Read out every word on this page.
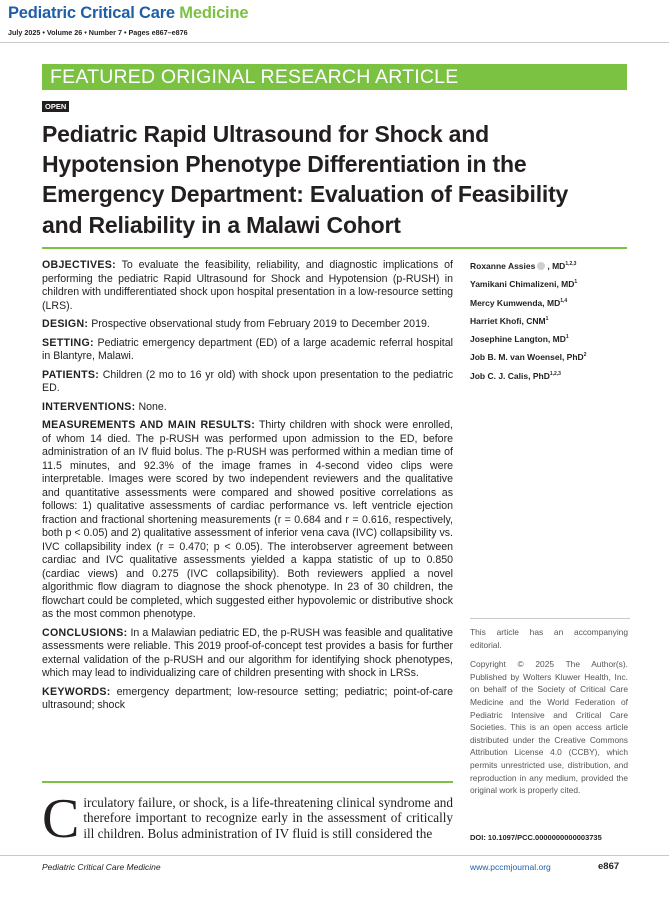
Pediatric Critical Care Medicine
July 2025 • Volume 26 • Number 7 • Pages e867–e876
FEATURED ORIGINAL RESEARCH ARTICLE
OPEN
Pediatric Rapid Ultrasound for Shock and Hypotension Phenotype Differentiation in the Emergency Department: Evaluation of Feasibility and Reliability in a Malawi Cohort

OBJECTIVES: To evaluate the feasibility, reliability, and diagnostic implications of performing the pediatric Rapid Ultrasound for Shock and Hypotension (p-RUSH) in children with undifferentiated shock upon hospital presentation in a low-resource setting (LRS).

DESIGN: Prospective observational study from February 2019 to December 2019.

SETTING: Pediatric emergency department (ED) of a large academic referral hospital in Blantyre, Malawi.

PATIENTS: Children (2 mo to 16 yr old) with shock upon presentation to the pediatric ED.

INTERVENTIONS: None.

MEASUREMENTS AND MAIN RESULTS: Thirty children with shock were enrolled, of whom 14 died. The p-RUSH was performed upon admission to the ED, before administration of an IV fluid bolus. The p-RUSH was performed within a median time of 11.5 minutes, and 92.3% of the image frames in 4-second video clips were interpretable. Images were scored by two independent reviewers and the qualitative and quantitative assessments were compared and showed positive correlations as follows: 1) qualitative assessments of cardiac performance vs. left ventricle ejection fraction and fractional shortening measurements (r = 0.684 and r = 0.616, respectively, both p < 0.05) and 2) qualitative assessment of inferior vena cava (IVC) collapsibility vs. IVC collapsibility index (r = 0.470; p < 0.05). The interobserver agreement between cardiac and IVC qualitative assessments yielded a kappa statistic of up to 0.850 (cardiac views) and 0.275 (IVC collapsibility). Both reviewers applied a novel algorithmic flow diagram to diagnose the shock phenotype. In 23 of 30 children, the flowchart could be completed, which suggested either hypovolemic or distributive shock as the most common phenotype.

CONCLUSIONS: In a Malawian pediatric ED, the p-RUSH was feasible and qualitative assessments were reliable. This 2019 proof-of-concept test provides a basis for further external validation of the p-RUSH and our algorithm for identifying shock phenotypes, which may lead to individualizing care of children presenting with shock in LRSs.

KEYWORDS: emergency department; low-resource setting; pediatric; point-of-care ultrasound; shock

Roxanne Assies , MD$^{1,2,3}$
Yamikani Chimalizeni, $MD^1$
Mercy Kumwenda, MD$^{1,4}$
Harriet Khofi, CNM$^1$
Josephine Langton, $MD^1$
Job B. M. van Woensel, PhD$^2$
Job C. J. Calis, PhD$^{1,2,3}$

This article has an accompanying editorial.

Copyright © 2025 The Author(s). Published by Wolters Kluwer Health, Inc. on behalf of the Society of Critical Care Medicine and the World Federation of Pediatric Intensive and Critical Care Societies. This is an open access article distributed under the Creative Commons Attribution License 4.0 (CCBY), which permits unrestricted use, distribution, and reproduction in any medium, provided the original work is properly cited.

DOI: 10.1097/PCC.0000000000003735

Circulatory failure, or shock, is a life-threatening clinical syndrome and therefore important to recognize early in the assessment of critically ill children. Bolus administration of IV fluid is still considered the

Pediatric Critical Care Medicine	www.pccmjournal.org	e867
